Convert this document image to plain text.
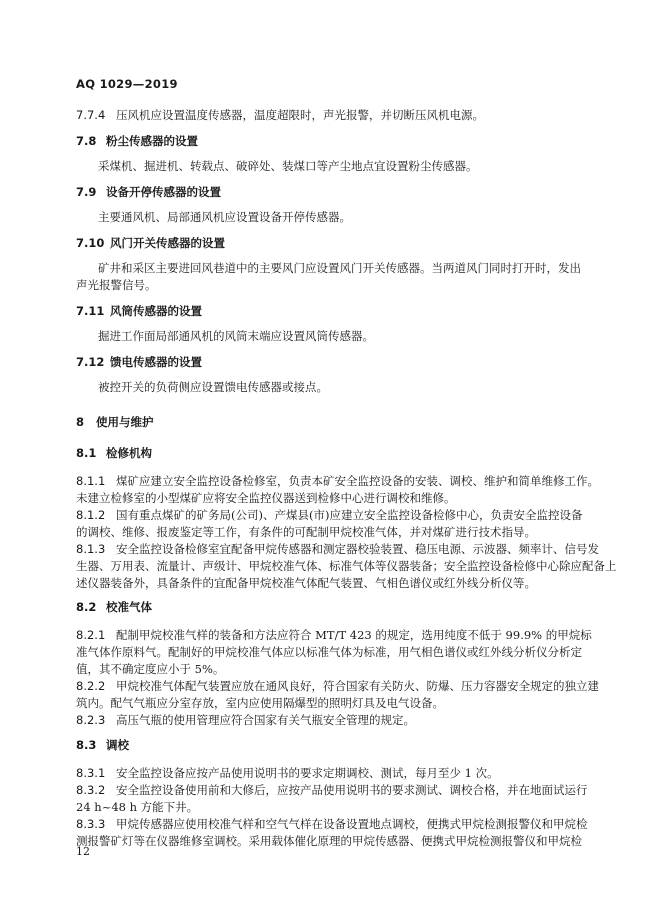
AQ 1029—2019
7.7.4 压风机应设置温度传感器，温度超限时，声光报警，并切断压风机电源。
7.8 粉尘传感器的设置
采煤机、掘进机、转载点、破碎处、装煤口等产尘地点宜设置粉尘传感器。
7.9 设备开停传感器的设置
主要通风机、局部通风机应设置设备开停传感器。
7.10 风门开关传感器的设置
矿井和采区主要进回风巷道中的主要风门应设置风门开关传感器。当两道风门同时打开时，发出
声光报警信号。
7.11 风筒传感器的设置
掘进工作面局部通风机的风筒末端应设置风筒传感器。
7.12 馈电传感器的设置
被控开关的负荷侧应设置馈电传感器或接点。
8 使用与维护
8.1 检修机构
8.1.1 煤矿应建立安全监控设备检修室，负责本矿安全监控设备的安装、调校、维护和简单维修工作。
未建立检修室的小型煤矿应将安全监控仪器送到检修中心进行调校和维修。
8.1.2 国有重点煤矿的矿务局(公司)、产煤县(市)应建立安全监控设备检修中心，负责安全监控设备
的调校、维修、报废鉴定等工作，有条件的可配制甲烷校准气体，并对煤矿进行技术指导。
8.1.3 安全监控设备检修室宜配备甲烷传感器和测定器校验装置、稳压电源、示波器、频率计、信号发
生器、万用表、流量计、声级计、甲烷校准气体、标准气体等仪器装备；安全监控设备检修中心除应配备上
述仪器装备外，具备条件的宜配备甲烷校准气体配气装置、气相色谱仪或红外线分析仪等。
8.2 校准气体
8.2.1 配制甲烷校准气样的装备和方法应符合 MT/T 423 的规定，选用纯度不低于 99.9% 的甲烷标
准气体作原料气。配制好的甲烷校准气体应以标准气体为标准，用气相色谱仪或红外线分析仪分析定
值，其不确定度应小于 5%。
8.2.2 甲烷校准气体配气装置应放在通风良好，符合国家有关防火、防爆、压力容器安全规定的独立建
筑内。配气气瓶应分室存放，室内应使用隔爆型的照明灯具及电气设备。
8.2.3 高压气瓶的使用管理应符合国家有关气瓶安全管理的规定。
8.3 调校
8.3.1 安全监控设备应按产品使用说明书的要求定期调校、测试，每月至少 1 次。
8.3.2 安全监控设备使用前和大修后，应按产品使用说明书的要求测试、调校合格，并在地面试运行
24 h~48 h 方能下井。
8.3.3 甲烷传感器应使用校准气样和空气气样在设备设置地点调校，便携式甲烷检测报警仪和甲烷检
测报警矿灯等在仪器维修室调校。采用载体催化原理的甲烷传感器、便携式甲烷检测报警仪和甲烷检
12
